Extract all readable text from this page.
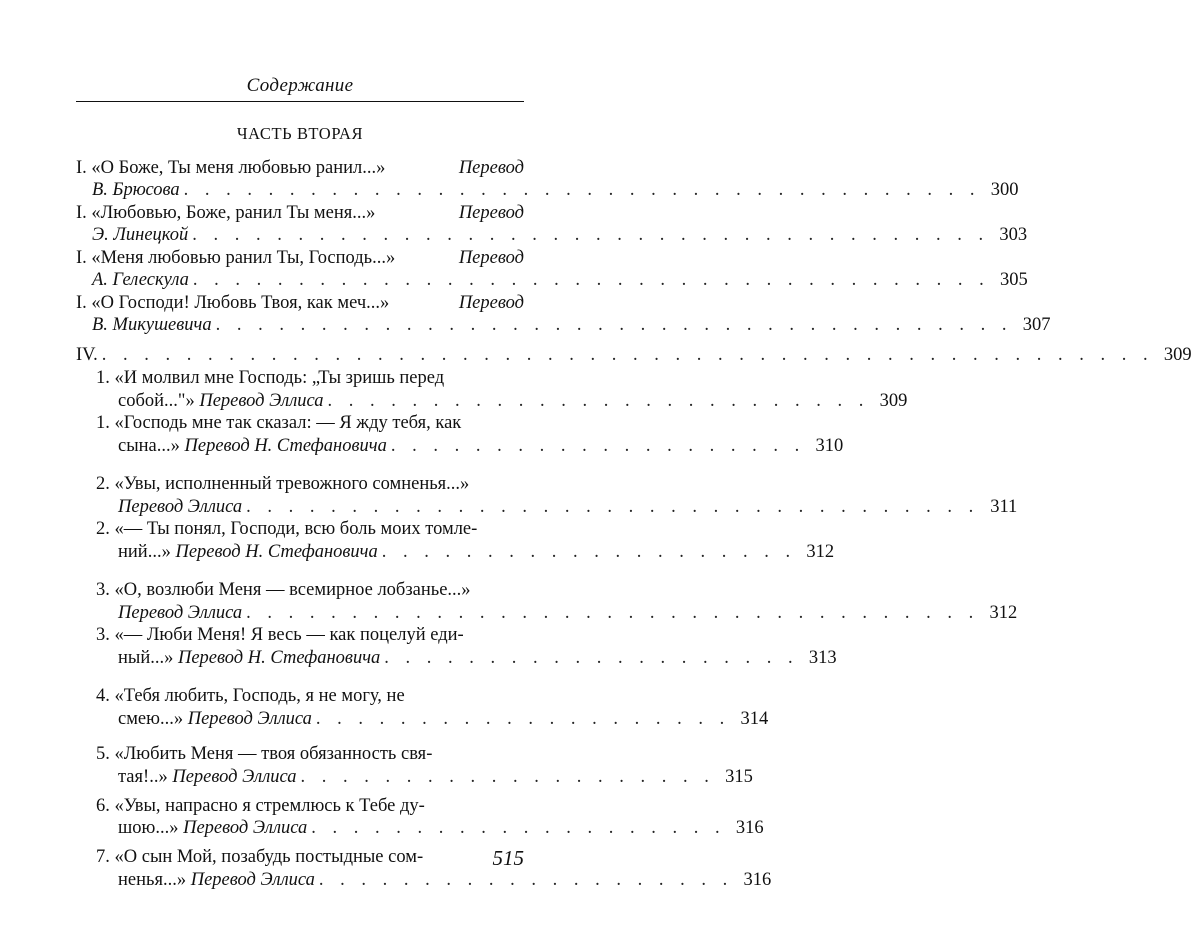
Содержание
ЧАСТЬ ВТОРАЯ
I. «О Боже, Ты меня любовью ранил...»	Перевод
В. Брюсова . . . . . . . . . . . . . . . . . . . . . . . . . . . . . . . . . . . . . . 300
I. «Любовью, Боже, ранил Ты меня...»	Перевод
Э. Линецкой . . . . . . . . . . . . . . . . . . . . . . . . . . . . . . . . . . . . . . 303
I. «Меня любовью ранил Ты, Господь...»	Перевод
А. Гелескула . . . . . . . . . . . . . . . . . . . . . . . . . . . . . . . . . . . . . . 305
I. «О Господи! Любовь Твоя, как меч...»	Перевод
В. Микушевича . . . . . . . . . . . . . . . . . . . . . . . . . . . . . . . . . . . . . . 307
IV. . . . . . . . . . . . . . . . . . . . . . . . . . . . . . . . . . . . . . . . . . . . . . . . . . . 309
1. «И молвил мне Господь: „Ты зришь перед
собой..."»
Перевод Эллиса . . . . . . . . . . . . . . . . . . . . . . . . . . 309
1. «Господь мне так сказал: — Я жду тебя, как
сына...»
Перевод Н. Стефановича . . . . . . . . . . . . . . . . . . . . 310
2. «Увы, исполненный тревожного сомненья...»
Перевод Эллиса . . . . . . . . . . . . . . . . . . . . . . . . . . . . . . . . . . . 311
2. «— Ты понял, Господи, всю боль моих томле-
ний...»
Перевод Н. Стефановича . . . . . . . . . . . . . . . . . . . . 312
3. «О, возлюби Меня — всемирное лобзанье...»
Перевод Эллиса . . . . . . . . . . . . . . . . . . . . . . . . . . . . . . . . . . . 312
3. «— Люби Меня! Я весь — как поцелуй еди-
ный...»
Перевод Н. Стефановича . . . . . . . . . . . . . . . . . . . . 313
4. «Тебя любить, Господь, я не могу, не
смею...»
Перевод Эллиса . . . . . . . . . . . . . . . . . . . . 314
5. «Любить Меня — твоя обязанность свя-
тая!..»
Перевод Эллиса . . . . . . . . . . . . . . . . . . . . 315
6. «Увы, напрасно я стремлюсь к Тебе ду-
шою...»
Перевод Эллиса . . . . . . . . . . . . . . . . . . . . 316
7. «О сын Мой, позабудь постыдные сом-
ненья...»
Перевод Эллиса . . . . . . . . . . . . . . . . . . . . 316
515
